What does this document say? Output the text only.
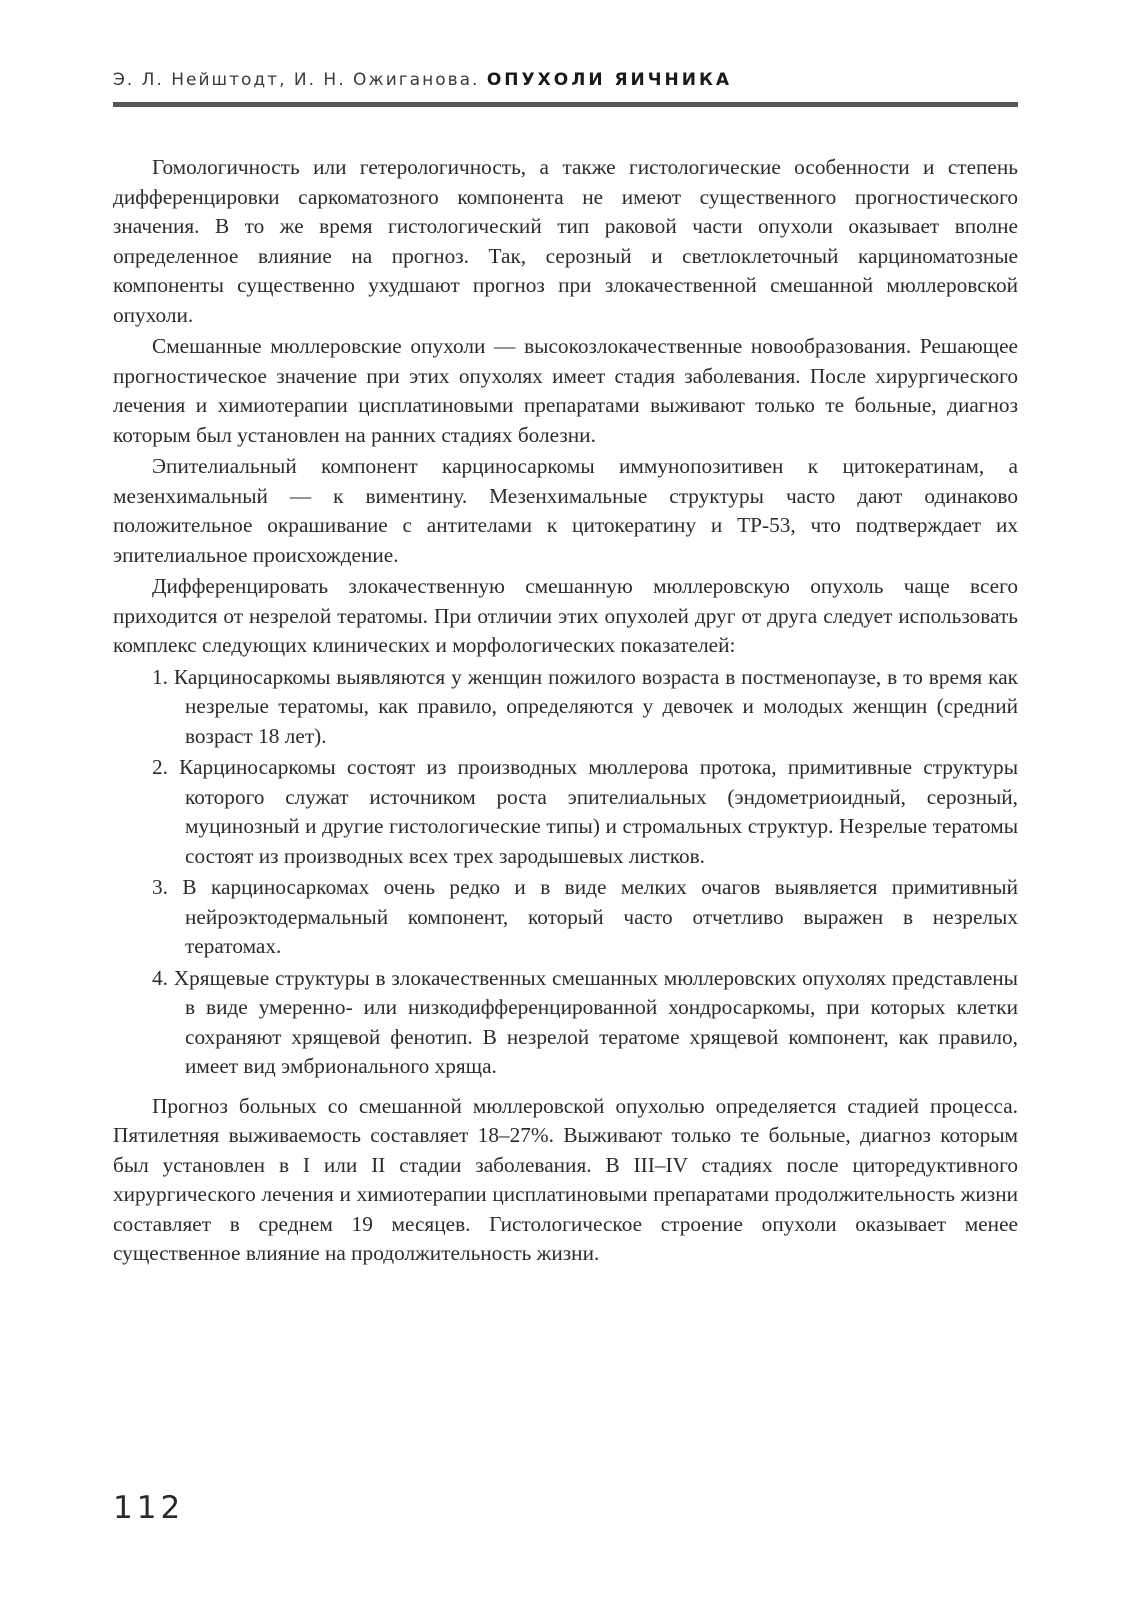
Э. Л. Нейштодт, И. Н. Ожиганова. ОПУХОЛИ ЯИЧНИКА

Гомологичность или гетерологичность, а также гистологические особенности и степень дифференцировки саркоматозного компонента не имеют существенного прогностического значения. В то же время гистологический тип раковой части опухоли оказывает вполне определенное влияние на прогноз. Так, серозный и светлоклеточный карциноматозные компоненты существенно ухудшают прогноз при злокачественной смешанной мюллеровской опухоли.

Смешанные мюллеровские опухоли — высокозлокачественные новообразования. Решающее прогностическое значение при этих опухолях имеет стадия заболевания. После хирургического лечения и химиотерапии цисплатиновыми препаратами выживают только те больные, диагноз которым был установлен на ранних стадиях болезни.

Эпителиальный компонент карциносаркомы иммунопозитивен к цитокератинам, а мезенхимальный — к виментину. Мезенхимальные структуры часто дают одинаково положительное окрашивание с антителами к цитокератину и ТР-53, что подтверждает их эпителиальное происхождение.

Дифференцировать злокачественную смешанную мюллеровскую опухоль чаще всего приходится от незрелой тератомы. При отличии этих опухолей друг от друга следует использовать комплекс следующих клинических и морфологических показателей:

1. Карциносаркомы выявляются у женщин пожилого возраста в постменопаузе, в то время как незрелые тератомы, как правило, определяются у девочек и молодых женщин (средний возраст 18 лет).
2. Карциносаркомы состоят из производных мюллерова протока, примитивные структуры которого служат источником роста эпителиальных (эндометриоидный, серозный, муцинозный и другие гистологические типы) и стромальных структур. Незрелые тератомы состоят из производных всех трех зародышевых листков.
3. В карциносаркомах очень редко и в виде мелких очагов выявляется примитивный нейроэктодермальный компонент, который часто отчетливо выражен в незрелых тератомах.
4. Хрящевые структуры в злокачественных смешанных мюллеровских опухолях представлены в виде умеренно- или низкодифференцированной хондросаркомы, при которых клетки сохраняют хрящевой фенотип. В незрелой тератоме хрящевой компонент, как правило, имеет вид эмбрионального хряща.

Прогноз больных со смешанной мюллеровской опухолью определяется стадией процесса. Пятилетняя выживаемость составляет 18–27%. Выживают только те больные, диагноз которым был установлен в I или II стадии заболевания. В III–IV стадиях после циторедуктивного хирургического лечения и химиотерапии цисплатиновыми препаратами продолжительность жизни составляет в среднем 19 месяцев. Гистологическое строение опухоли оказывает менее существенное влияние на продолжительность жизни.

112
